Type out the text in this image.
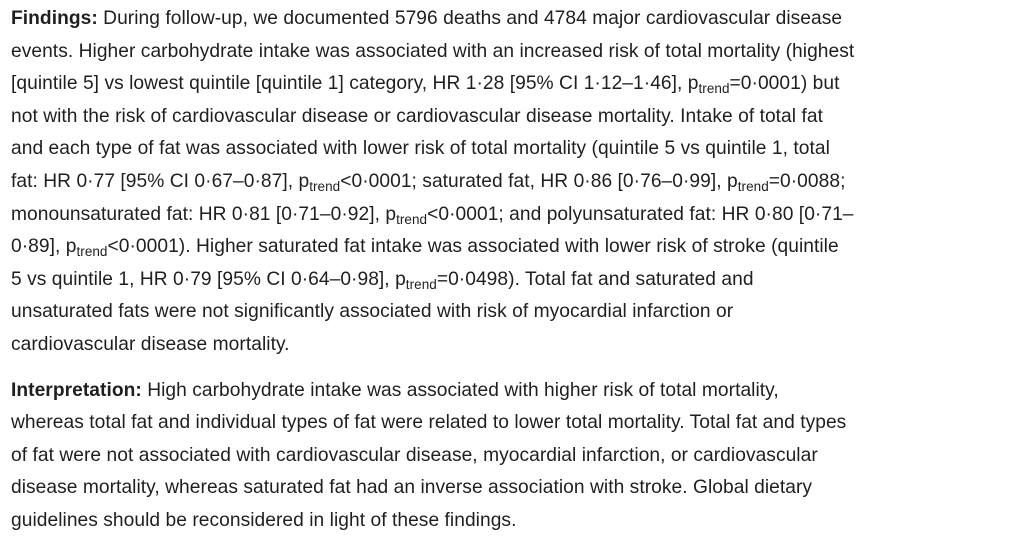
Findings: During follow-up, we documented 5796 deaths and 4784 major cardiovascular disease
events. Higher carbohydrate intake was associated with an increased risk of total mortality (highest
[quintile 5] vs lowest quintile [quintile 1] category, HR 1·28 [95% CI 1·12–1·46], $p_{trend}=0\cdot 0001$) but
not with the risk of cardiovascular disease or cardiovascular disease mortality. Intake of total fat
and each type of fat was associated with lower risk of total mortality (quintile 5 vs quintile 1, total
fat: HR 0·77 [95% CI 0·67–0·87], $p_{trend}<0\cdot 0001$; saturated fat, HR 0·86 [0·76–0·99], $p_{trend}=0\cdot 0088$;
monounsaturated fat: HR 0·81 [0·71–0·92], $p_{trend}<0\cdot 0001$; and polyunsaturated fat: HR 0·80 [0·71–
0·89], $p_{trend}<0\cdot 0001$). Higher saturated fat intake was associated with lower risk of stroke (quintile
5 vs quintile 1, HR 0·79 [95% CI 0·64–0·98], $p_{trend}=0\cdot 0498$). Total fat and saturated and
unsaturated fats were not significantly associated with risk of myocardial infarction or
cardiovascular disease mortality.
Interpretation: High carbohydrate intake was associated with higher risk of total mortality,
whereas total fat and individual types of fat were related to lower total mortality. Total fat and types
of fat were not associated with cardiovascular disease, myocardial infarction, or cardiovascular
disease mortality, whereas saturated fat had an inverse association with stroke. Global dietary
guidelines should be reconsidered in light of these findings.
